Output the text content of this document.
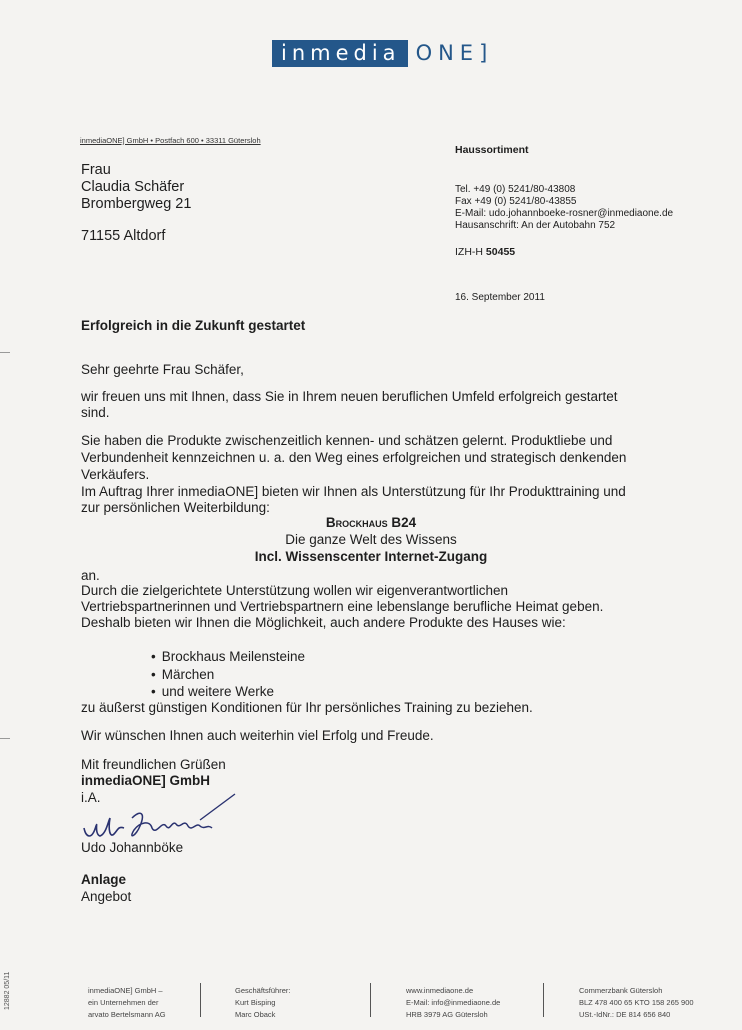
inmedia ONE]
inmediaONE] GmbH • Postfach 600 • 33311 Gütersloh
Frau
Claudia Schäfer
Brombergweg 21
71155 Altdorf
Haussortiment
Tel. +49 (0) 5241/80-43808
Fax +49 (0) 5241/80-43855
E-Mail: udo.johannboeke-rosner@inmediaone.de
Hausanschrift: An der Autobahn 752
IZH-H 50455
16. September 2011
Erfolgreich in die Zukunft gestartet
Sehr geehrte Frau Schäfer,
wir freuen uns mit Ihnen, dass Sie in Ihrem neuen beruflichen Umfeld erfolgreich gestartet
sind.
Sie haben die Produkte zwischenzeitlich kennen- und schätzen gelernt. Produktliebe und
Verbundenheit kennzeichnen u. a. den Weg eines erfolgreichen und strategisch denkenden
Verkäufers.
Im Auftrag Ihrer inmediaONE] bieten wir Ihnen als Unterstützung für Ihr Produkttraining und
zur persönlichen Weiterbildung:
Brockhaus B24
Die ganze Welt des Wissens
Incl. Wissenscenter Internet-Zugang
an.
Durch die zielgerichtete Unterstützung wollen wir eigenverantwortlichen
Vertriebspartnerinnen und Vertriebspartnern eine lebenslange berufliche Heimat geben.
Deshalb bieten wir Ihnen die Möglichkeit, auch andere Produkte des Hauses wie:
• Brockhaus Meilensteine
• Märchen
• und weitere Werke
zu äußerst günstigen Konditionen für Ihr persönliches Training zu beziehen.
Wir wünschen Ihnen auch weiterhin viel Erfolg und Freude.
Mit freundlichen Grüßen
inmediaONE] GmbH
i.A.
Udo Johannböke
Anlage
Angebot
inmediaONE] GmbH –
ein Unternehmen der
arvato Bertelsmann AG
Geschäftsführer:
Kurt Bisping
Marc Oback
www.inmediaone.de
E-Mail: info@inmediaone.de
HRB 3979 AG Gütersloh
Commerzbank Gütersloh
BLZ 478 400 65 KTO 158 265 900
USt.-IdNr.: DE 814 656 840
12882 05/11
